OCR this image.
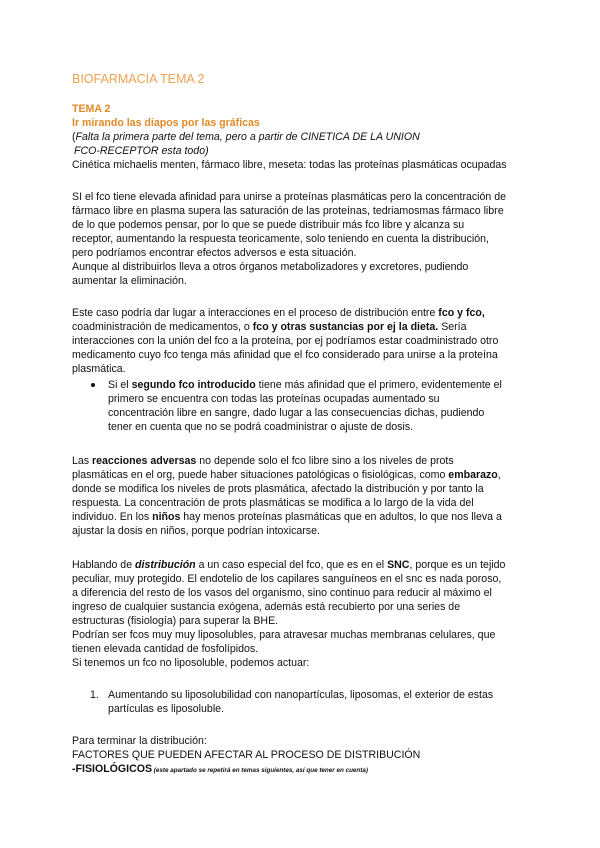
BIOFARMACIA TEMA 2
TEMA 2
Ir mirando las diapos por las gráficas
(Falta la primera parte del tema, pero a partir de CINETICA DE LA UNION
FCO-RECEPTOR esta todo)
Cinética michaelis menten, fármaco libre, meseta: todas las proteínas plasmáticas ocupadas
SI el fco tiene elevada afinidad para unirse a proteínas plasmáticas pero la concentración de
fármaco libre en plasma supera las saturación de las proteínas, tedriamosmas fármaco libre
de lo que podemos pensar, por lo que se puede distribuir más fco libre y alcanza su
receptor, aumentando la respuesta teoricamente, solo teniendo en cuenta la distribución,
pero podríamos encontrar efectos adversos e esta situación.
Aunque al distribuirlos lleva a otros órganos metabolizadores y excretores, pudiendo
aumentar la eliminación.
Este caso podría dar lugar a interacciones en el proceso de distribución entre fco y fco,
coadministración de medicamentos, o fco y otras sustancias por ej la dieta. Sería
interacciones con la unión del fco a la proteína, por ej podríamos estar coadministrado otro
medicamento cuyo fco tenga más afinidad que el fco considerado para unirse a la proteína
plasmática.
Si el segundo fco introducido tiene más afinidad que el primero, evidentemente el
primero se encuentra con todas las proteínas ocupadas aumentado su
concentración libre en sangre, dado lugar a las consecuencias dichas, pudiendo
tener en cuenta que no se podrá coadministrar o ajuste de dosis.
Las reacciones adversas no depende solo el fco libre sino a los niveles de prots
plasmáticas en el org, puede haber situaciones patológicas o fisiológicas, como embarazo,
donde se modifica los niveles de prots plasmática, afectado la distribución y por tanto la
respuesta. La concentración de prots plasmáticas se modifica a lo largo de la vida del
individuo. En los niños hay menos proteínas plasmáticas que en adultos, lo que nos lleva a
ajustar la dosis en niños, porque podrían intoxicarse.
Hablando de distribución a un caso especial del fco, que es en el SNC, porque es un tejido
peculiar, muy protegido. El endotelio de los capilares sanguíneos en el snc es nada poroso,
a diferencia del resto de los vasos del organismo, sino continuo para reducir al máximo el
ingreso de cualquier sustancia exógena, además está recubierto por una series de
estructuras (fisiología) para superar la BHE.
Podrían ser fcos muy muy liposolubles, para atravesar muchas membranas celulares, que
tienen elevada cantidad de fosfolípidos.
Si tenemos un fco no liposoluble, podemos actuar:
1. Aumentando su liposolubilidad con nanopartículas, liposomas, el exterior de estas
partículas es liposoluble.
Para terminar la distribución:
FACTORES QUE PUEDEN AFECTAR AL PROCESO DE DISTRIBUCIÓN
-FISIOLÓGICOS (este apartado se repetirá en temas siguientes, así que tener en cuenta)
